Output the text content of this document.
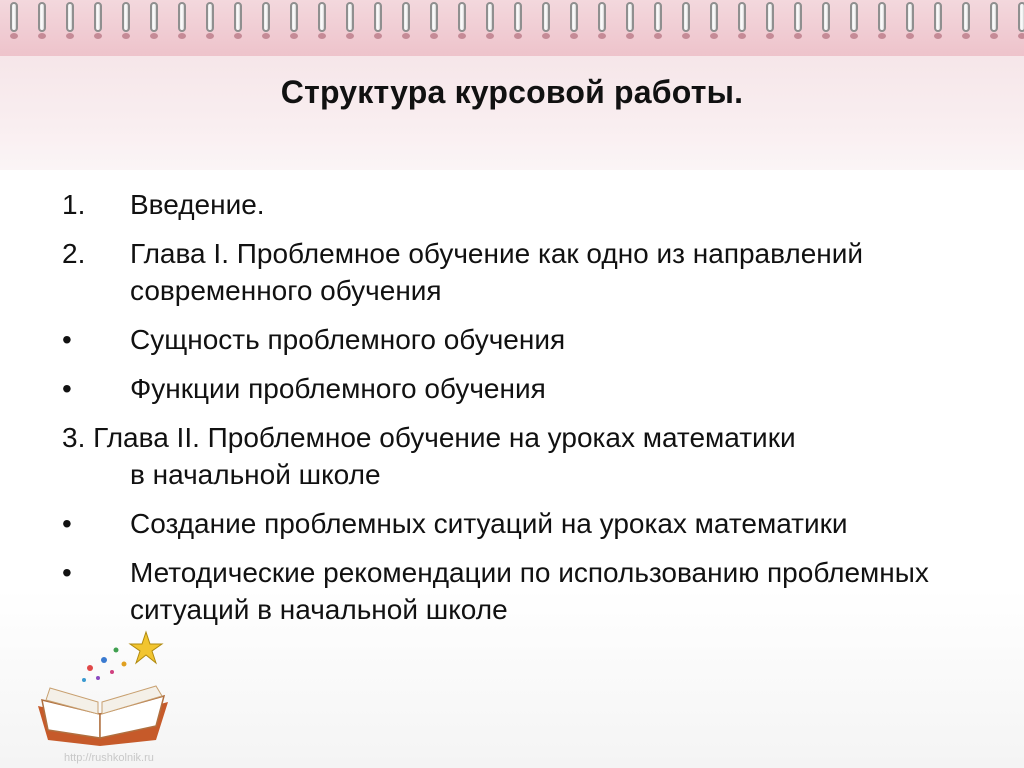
Структура курсовой работы.
1.	Введение.
2.	Глава I. Проблемное обучение как одно из направлений современного обучения
•	Сущность проблемного обучения
•	Функции проблемного обучения
3. Глава II. Проблемное обучение на уроках математики
в начальной школе
•	Создание проблемных ситуаций на уроках математики
•	Методические рекомендации по использованию проблемных ситуаций в начальной школе
http://rushkolnik.ru
